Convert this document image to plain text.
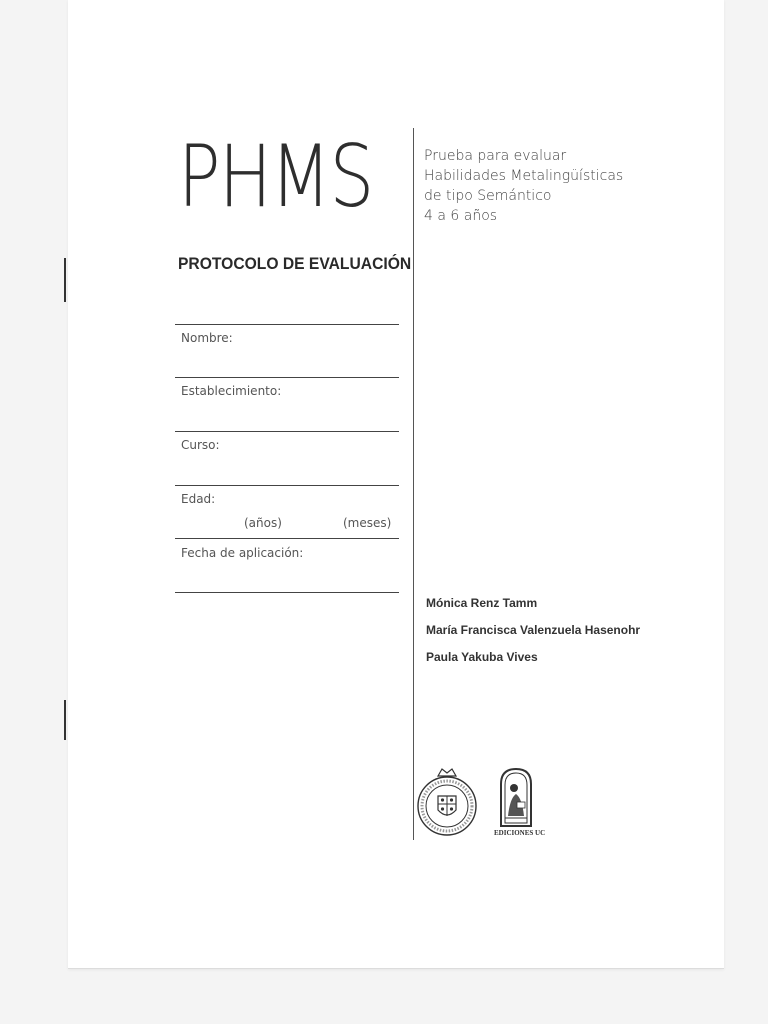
PHMS
PROTOCOLO DE EVALUACIÓN
Prueba para evaluar
Habilidades Metalingüísticas
de tipo Semántico
4 a 6 años
Nombre:
Establecimiento:
Curso:
Edad:
(años)	(meses)
Fecha de aplicación:
Mónica Renz Tamm
María Francisca Valenzuela Hasenohr
Paula Yakuba Vives
EDICIONES UC
